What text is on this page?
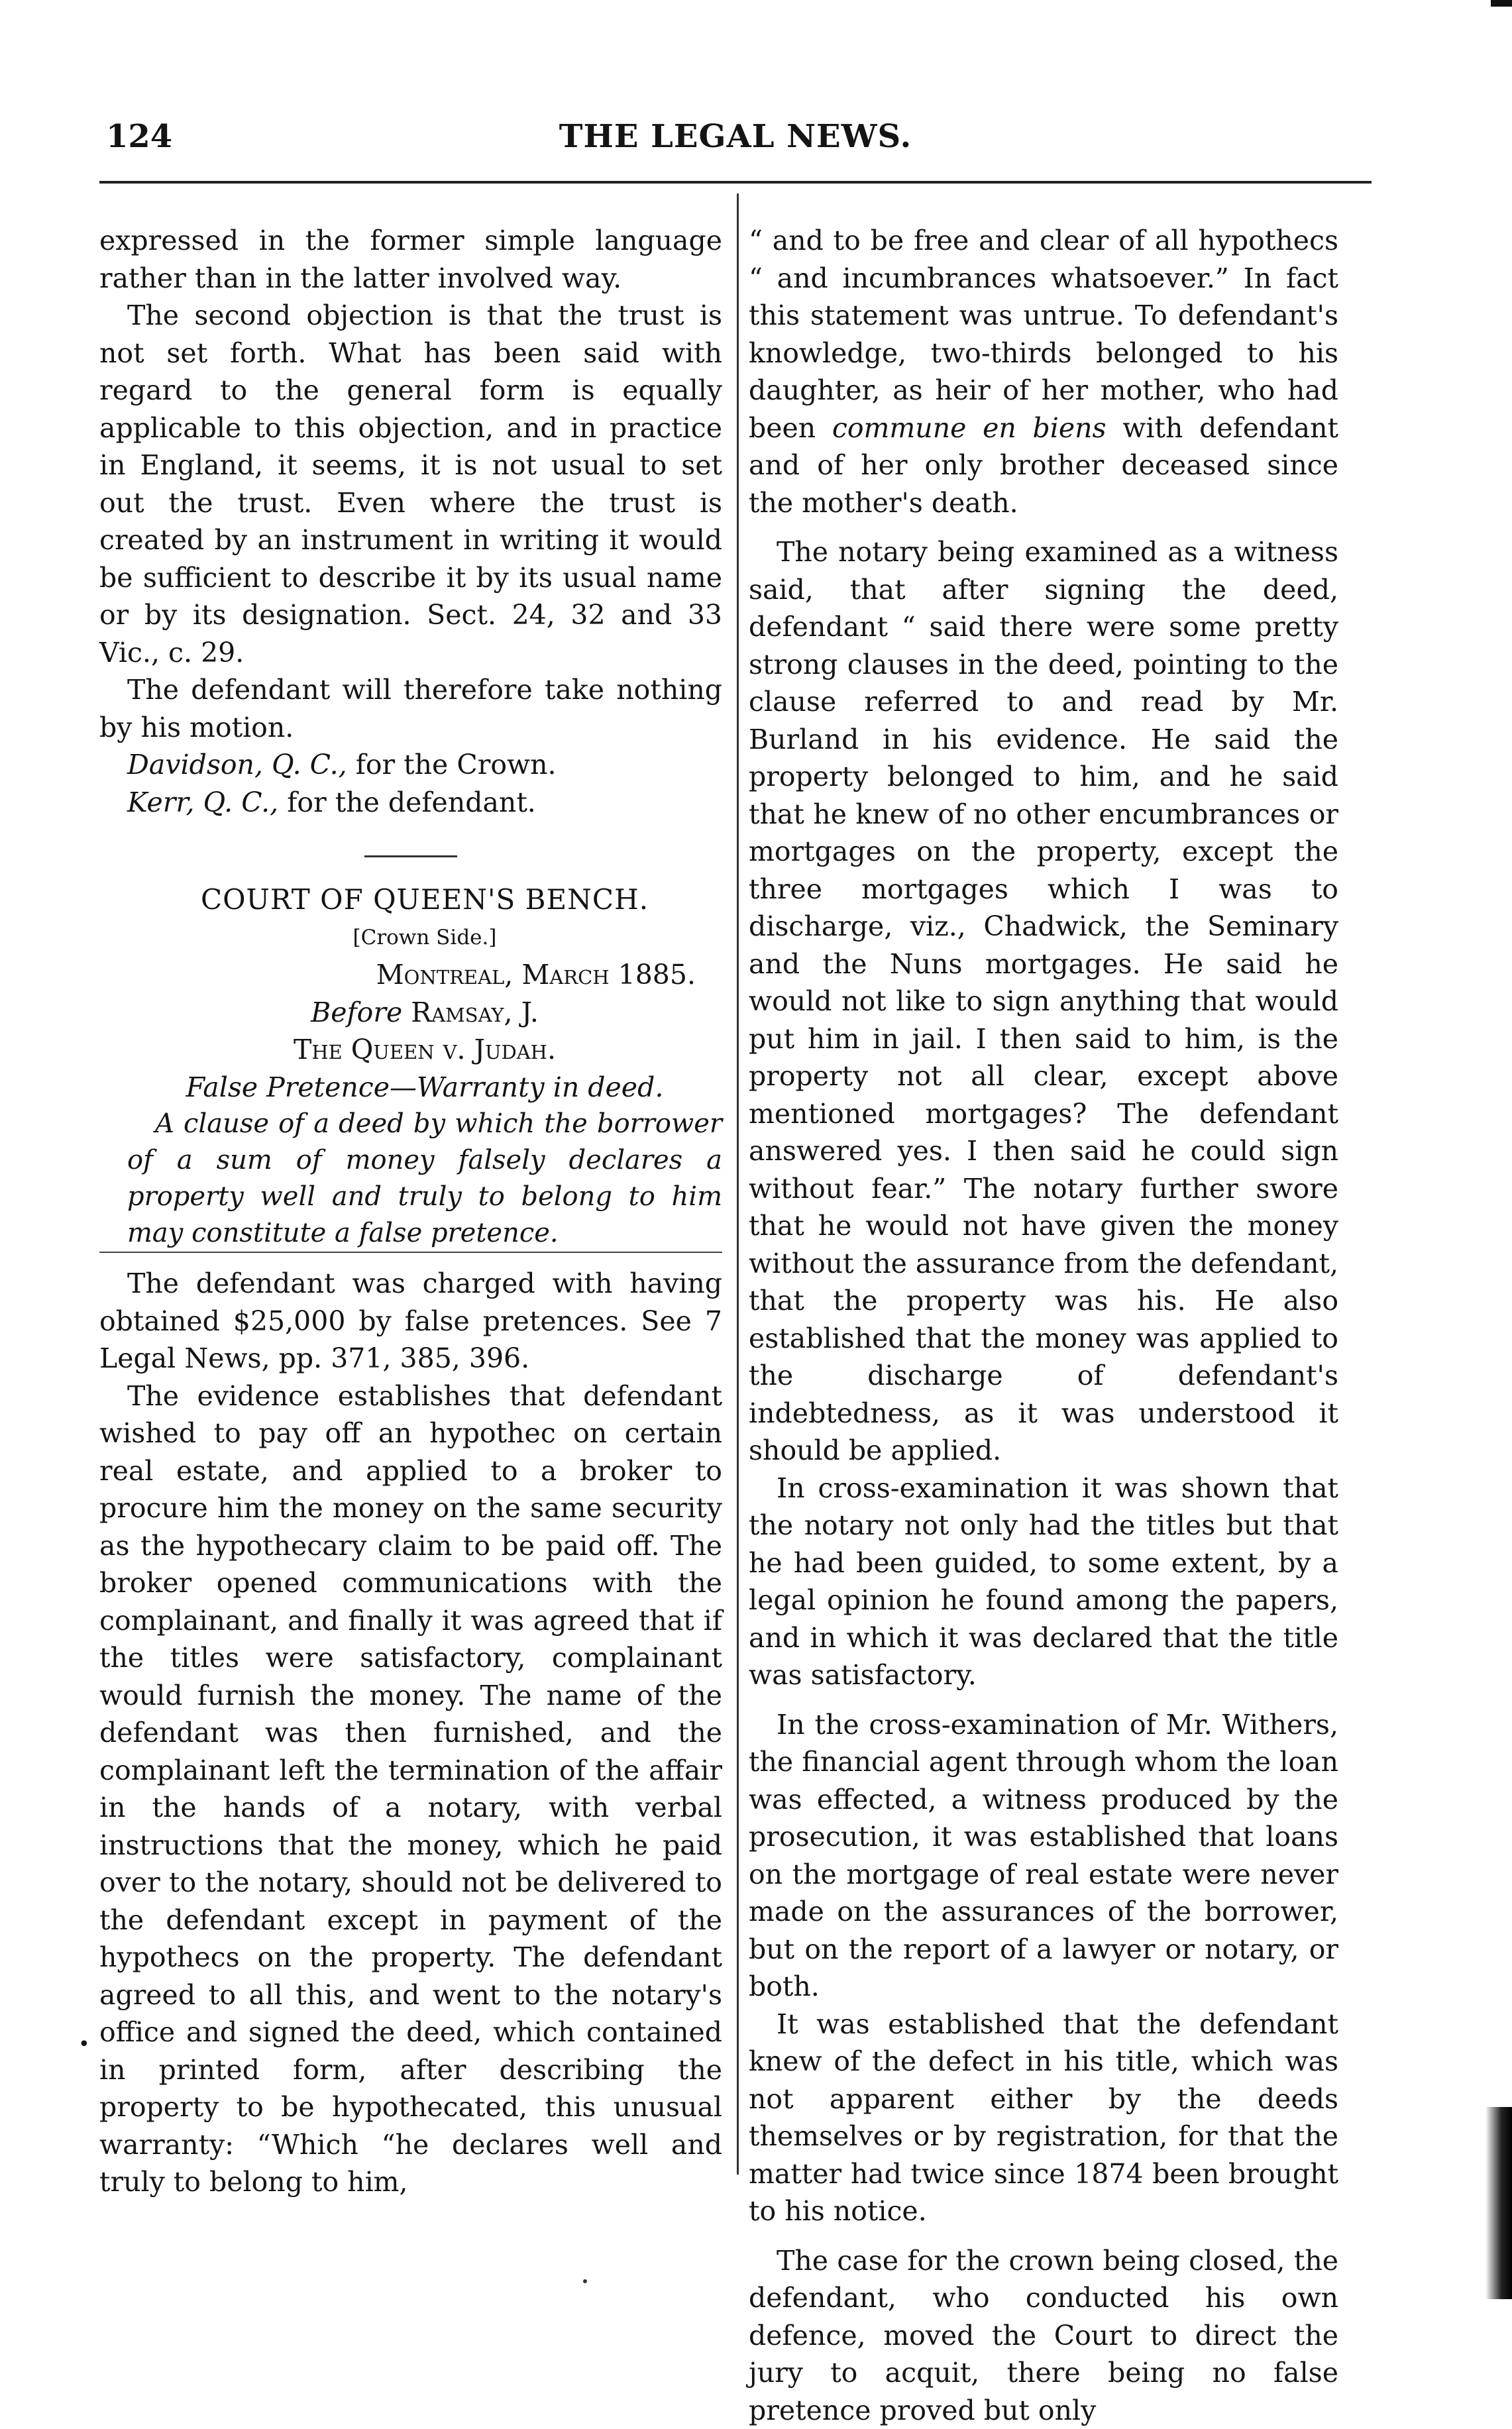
124	THE LEGAL NEWS.

expressed in the former simple language rather than in the latter involved way.

The second objection is that the trust is not set forth. What has been said with regard to the general form is equally applicable to this objection, and in practice in England, it seems, it is not usual to set out the trust. Even where the trust is created by an instrument in writing it would be sufficient to describe it by its usual name or by its designation. Sect. 24, 32 and 33 Vic., c. 29.

The defendant will therefore take nothing by his motion.

Davidson, Q. C., for the Crown.

Kerr, Q. C., for the defendant.

COURT OF QUEEN'S BENCH.

[Crown Side.]

Montreal, March 1885.

Before Ramsay, J.

The Queen v. Judah.

False Pretence—Warranty in deed.

A clause of a deed by which the borrower of a sum of money falsely declares a property well and truly to belong to him may constitute a false pretence.

The defendant was charged with having obtained $25,000 by false pretences. See 7 Legal News, pp. 371, 385, 396.

The evidence establishes that defendant wished to pay off an hypothec on certain real estate, and applied to a broker to procure him the money on the same security as the hypothecary claim to be paid off. The broker opened communications with the complainant, and finally it was agreed that if the titles were satisfactory, complainant would furnish the money. The name of the defendant was then furnished, and the complainant left the termination of the affair in the hands of a notary, with verbal instructions that the money, which he paid over to the notary, should not be delivered to the defendant except in payment of the hypothecs on the property. The defendant agreed to all this, and went to the notary's office and signed the deed, which contained in printed form, after describing the property to be hypothecated, this unusual warranty: “Which “he declares well and truly to belong to him,

“ and to be free and clear of all hypothecs “ and incumbrances whatsoever.” In fact this statement was untrue. To defendant's knowledge, two-thirds belonged to his daughter, as heir of her mother, who had been commune en biens with defendant and of her only brother deceased since the mother's death.

The notary being examined as a witness said, that after signing the deed, defendant “ said there were some pretty strong clauses in the deed, pointing to the clause referred to and read by Mr. Burland in his evidence. He said the property belonged to him, and he said that he knew of no other encumbrances or mortgages on the property, except the three mortgages which I was to discharge, viz., Chadwick, the Seminary and the Nuns mortgages. He said he would not like to sign anything that would put him in jail. I then said to him, is the property not all clear, except above mentioned mortgages? The defendant answered yes. I then said he could sign without fear.” The notary further swore that he would not have given the money without the assurance from the defendant, that the property was his. He also established that the money was applied to the discharge of defendant's indebtedness, as it was understood it should be applied.

In cross-examination it was shown that the notary not only had the titles but that he had been guided, to some extent, by a legal opinion he found among the papers, and in which it was declared that the title was satisfactory.

In the cross-examination of Mr. Withers, the financial agent through whom the loan was effected, a witness produced by the prosecution, it was established that loans on the mortgage of real estate were never made on the assurances of the borrower, but on the report of a lawyer or notary, or both.

It was established that the defendant knew of the defect in his title, which was not apparent either by the deeds themselves or by registration, for that the matter had twice since 1874 been brought to his notice.

The case for the crown being closed, the defendant, who conducted his own defence, moved the Court to direct the jury to acquit, there being no false pretence proved but only

•
